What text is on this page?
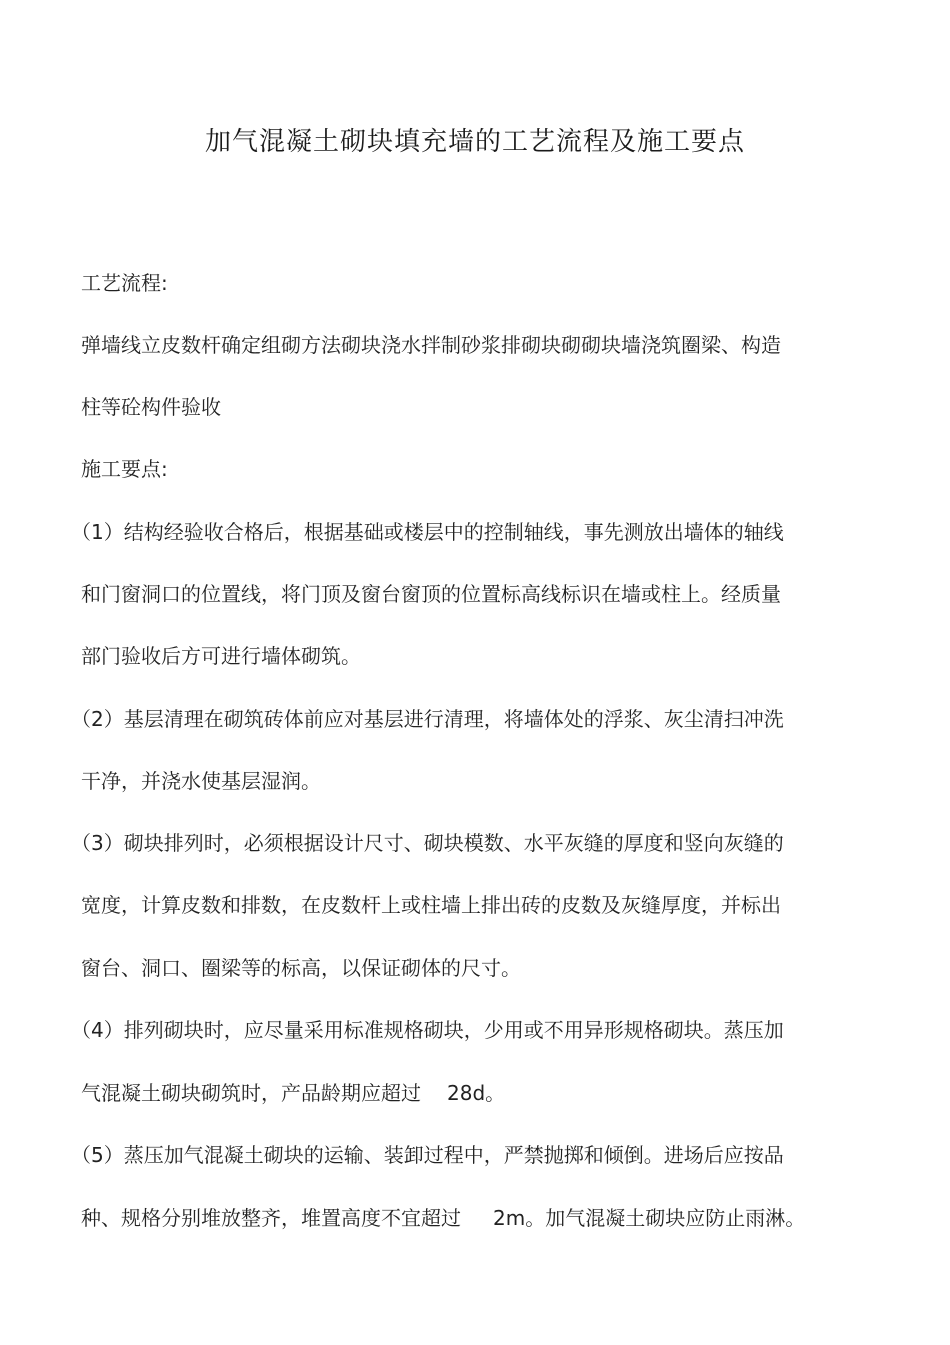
加气混凝土砌块填充墙的工艺流程及施工要点
工艺流程:
弹墙线立皮数杆确定组砌方法砌块浇水拌制砂浆排砌块砌砌块墙浇筑圈梁、构造
柱等砼构件验收
施工要点:
（1）结构经验收合格后，根据基础或楼层中的控制轴线，事先测放出墙体的轴线
和门窗洞口的位置线，将门顶及窗台窗顶的位置标高线标识在墙或柱上。经质量
部门验收后方可进行墙体砌筑。
（2）基层清理在砌筑砖体前应对基层进行清理，将墙体处的浮浆、灰尘清扫冲洗
干净，并浇水使基层湿润。
（3）砌块排列时，必须根据设计尺寸、砌块模数、水平灰缝的厚度和竖向灰缝的
宽度，计算皮数和排数，在皮数杆上或柱墙上排出砖的皮数及灰缝厚度，并标出
窗台、洞口、圈梁等的标高，以保证砌体的尺寸。
（4）排列砌块时，应尽量采用标准规格砌块，少用或不用异形规格砌块。蒸压加
气混凝土砌块砌筑时，产品龄期应超过 28d。
（5）蒸压加气混凝土砌块的运输、装卸过程中，严禁抛掷和倾倒。进场后应按品
种、规格分别堆放整齐，堆置高度不宜超过 2m。加气混凝土砌块应防止雨淋。
